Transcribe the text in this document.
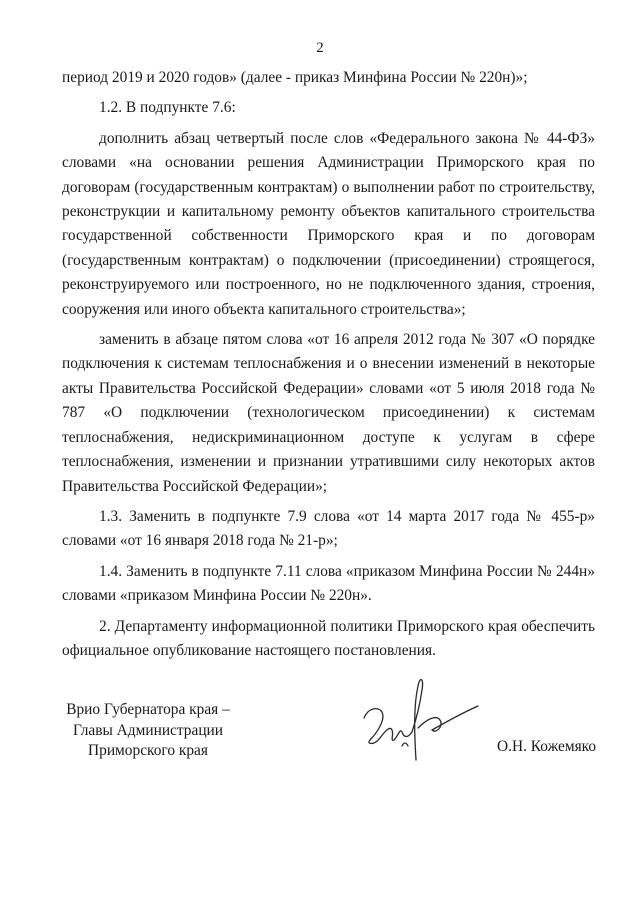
2

период 2019 и 2020 годов» (далее - приказ Минфина России № 220н)»;

1.2. В подпункте 7.6:

дополнить абзац четвертый после слов «Федерального закона № 44-ФЗ» словами «на основании решения Администрации Приморского края по договорам (государственным контрактам) о выполнении работ по строительству, реконструкции и капитальному ремонту объектов капитального строительства государственной собственности Приморского края и по договорам (государственным контрактам) о подключении (присоединении) строящегося, реконструируемого или построенного, но не подключенного здания, строения, сооружения или иного объекта капитального строительства»;

заменить в абзаце пятом слова «от 16 апреля 2012 года № 307 «О порядке подключения к системам теплоснабжения и о внесении изменений в некоторые акты Правительства Российской Федерации» словами «от 5 июля 2018 года № 787 «О подключении (технологическом присоединении) к системам теплоснабжения, недискриминационном доступе к услугам в сфере теплоснабжения, изменении и признании утратившими силу некоторых актов Правительства Российской Федерации»;

1.3. Заменить в подпункте 7.9 слова «от 14 марта 2017 года № 455-р» словами «от 16 января 2018 года № 21-р»;

1.4. Заменить в подпункте 7.11 слова «приказом Минфина России № 244н» словами «приказом Минфина России № 220н».

2. Департаменту информационной политики Приморского края обеспечить официальное опубликование настоящего постановления.

Врио Губернатора края –
Главы Администрации
Приморского края	О.Н. Кожемяко
